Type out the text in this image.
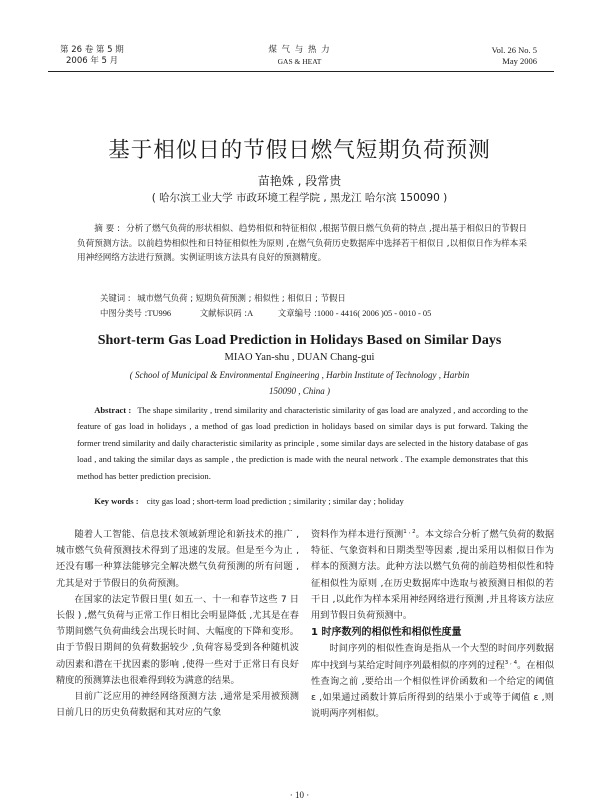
第 26 卷 第 5 期
2006 年 5 月
煤 气 与 热 力
GAS & HEAT
Vol. 26 No. 5
May 2006
基于相似日的节假日燃气短期负荷预测
苗艳姝 , 段常贵
( 哈尔滨工业大学 市政环境工程学院 , 黑龙江 哈尔滨 150090 )
摘 要 : 分析了燃气负荷的形状相似、趋势相似和特征相似 ,根据节假日燃气负荷的特点 ,提出基于相似日的节假日负荷预测方法。以前趋势相似性和日特征相似性为原则 ,在燃气负荷历史数据库中选择若干相似日 ,以相似日作为样本采用神经网络方法进行预测。实例证明该方法具有良好的预测精度。
关键词 : 城市燃气负荷 ; 短期负荷预测 ; 相似性 ; 相似日 ; 节假日
中图分类号 :TU996	文献标识码 :A	文章编号 :1000 - 4416( 2006 )05 - 0010 - 05
Short-term Gas Load Prediction in Holidays Based on Similar Days
MIAO Yan-shu , DUAN Chang-gui
( School of Municipal & Environmental Engineering , Harbin Institute of Technology , Harbin
150090 , China )
Abstract : The shape similarity , trend similarity and characteristic similarity of gas load are analyzed , and according to the feature of gas load in holidays , a method of gas load prediction in holidays based on similar days is put forward. Taking the former trend similarity and daily characteristic similarity as principle , some similar days are selected in the history database of gas load , and taking the similar days as sample , the prediction is made with the neural network . The example demonstrates that this method has better prediction precision.
Key words : city gas load ; short-term load prediction ; similarity ; similar day ; holiday

随着人工智能、信息技术领域新理论和新技术的推广 ,城市燃气负荷预测技术得到了迅速的发展。但是至今为止 ,还没有哪一种算法能够完全解决燃气负荷预测的所有问题 ,尤其是对于节假日的负荷预测。

在国家的法定节假日里( 如五一、十一和春节这些 7 日长假 ) ,燃气负荷与正常工作日相比会明显降低 ,尤其是在春节期间燃气负荷曲线会出现长时间、大幅度的下降和变形。由于节假日期间的负荷数据较少 ,负荷容易受到各种随机波动因素和潜在干扰因素的影响 ,使得一些对于正常日有良好精度的预测算法也很难得到较为满意的结果。

目前广泛应用的神经网络预测方法 ,通常是采用被预测日前几日的历史负荷数据和其对应的气象

资料作为样本进行预测$^{1 , 2}$。本文综合分析了燃气负荷的数据特征、气象资料和日期类型等因素 ,提出采用以相似日作为样本的预测方法。此种方法以燃气负荷的前趋势相似性和特征相似性为原则 ,在历史数据库中选取与被预测日相似的若干日 ,以此作为样本采用神经网络进行预测 ,并且将该方法应用到节假日负荷预测中。

1 时序数列的相似性和相似性度量

时间序列的相似性查询是指从一个大型的时间序列数据库中找到与某给定时间序列最相似的序列的过程$^{3 , 4}$。在相似性查询之前 ,要给出一个相似性评价函数和一个给定的阈值 ε ,如果通过函数计算后所得到的结果小于或等于阈值 ε ,则说明两序列相似。

· 10 ·
